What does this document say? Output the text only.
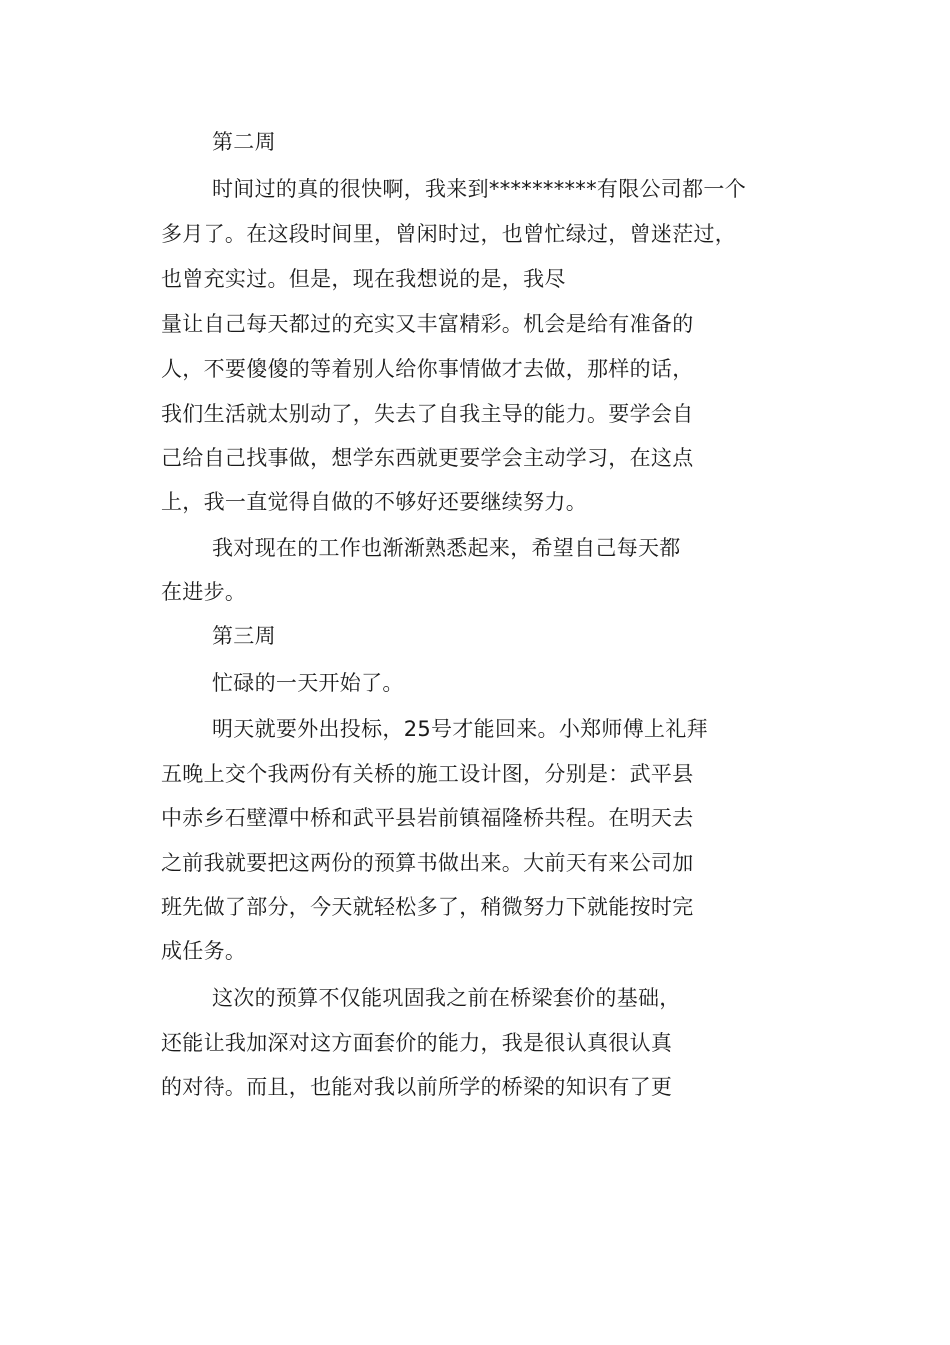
第二周
时间过的真的很快啊，我来到**********有限公司都一个
多月了。在这段时间里，曾闲时过，也曾忙绿过，曾迷茫过，
也曾充实过。但是，现在我想说的是，我尽
量让自己每天都过的充实又丰富精彩。机会是给有准备的
人，不要傻傻的等着别人给你事情做才去做，那样的话，
我们生活就太别动了，失去了自我主导的能力。要学会自
己给自己找事做，想学东西就更要学会主动学习，在这点
上，我一直觉得自做的不够好还要继续努力。
我对现在的工作也渐渐熟悉起来，希望自己每天都
在进步。
第三周
忙碌的一天开始了。
明天就要外出投标，25号才能回来。小郑师傅上礼拜
五晚上交个我两份有关桥的施工设计图，分别是：武平县
中赤乡石壁潭中桥和武平县岩前镇福隆桥共程。在明天去
之前我就要把这两份的预算书做出来。大前天有来公司加
班先做了部分，今天就轻松多了，稍微努力下就能按时完
成任务。
这次的预算不仅能巩固我之前在桥梁套价的基础，
还能让我加深对这方面套价的能力，我是很认真很认真
的对待。而且，也能对我以前所学的桥梁的知识有了更
